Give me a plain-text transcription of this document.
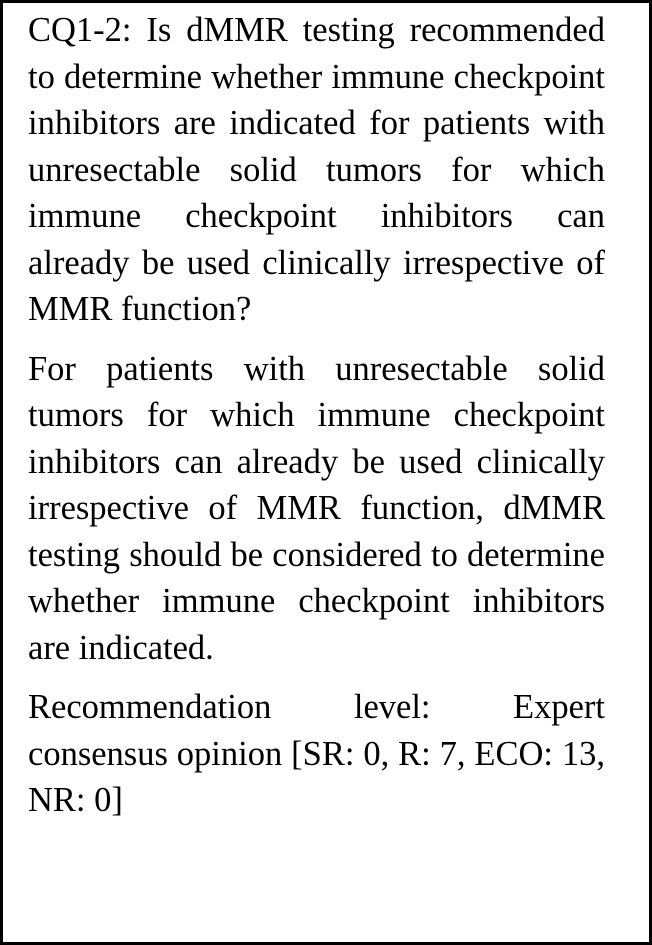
CQ1-2: Is dMMR testing recommended to determine whether immune checkpoint inhibitors are indicated for patients with unresectable solid tumors for which immune checkpoint inhibitors can already be used clinically irrespective of MMR function?

For patients with unresectable solid tumors for which immune checkpoint inhibitors can already be used clinically irrespective of MMR function, dMMR testing should be considered to determine whether immune checkpoint inhibitors are indicated.

Recommendation level: Expert consensus opinion [SR: 0, R: 7, ECO: 13, NR: 0]
